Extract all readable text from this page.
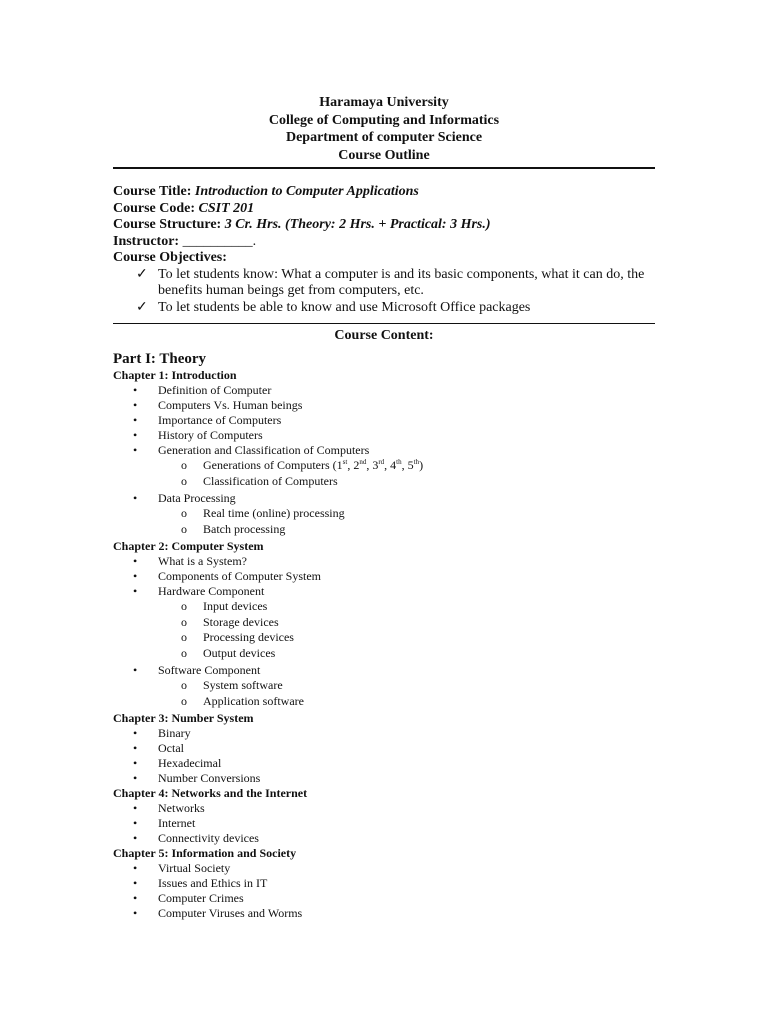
Haramaya University
College of Computing and Informatics
Department of computer Science
Course Outline
Course Title: Introduction to Computer Applications
Course Code: CSIT 201
Course Structure: 3 Cr. Hrs. (Theory: 2 Hrs. + Practical: 3 Hrs.)
Instructor: __________.
Course Objectives:
✓ To let students know: What a computer is and its basic components, what it can do, the benefits human beings get from computers, etc.
✓ To let students be able to know and use Microsoft Office packages
Course Content:
Part I: Theory
Chapter 1: Introduction
• Definition of Computer
• Computers Vs. Human beings
• Importance of Computers
• History of Computers
• Generation and Classification of Computers
o Generations of Computers (1st, 2nd, 3rd, 4th, 5th)
o Classification of Computers
• Data Processing
o Real time (online) processing
o Batch processing
Chapter 2: Computer System
• What is a System?
• Components of Computer System
• Hardware Component
o Input devices
o Storage devices
o Processing devices
o Output devices
• Software Component
o System software
o Application software
Chapter 3: Number System
• Binary
• Octal
• Hexadecimal
• Number Conversions
Chapter 4: Networks and the Internet
• Networks
• Internet
• Connectivity devices
Chapter 5: Information and Society
• Virtual Society
• Issues and Ethics in IT
• Computer Crimes
• Computer Viruses and Worms
